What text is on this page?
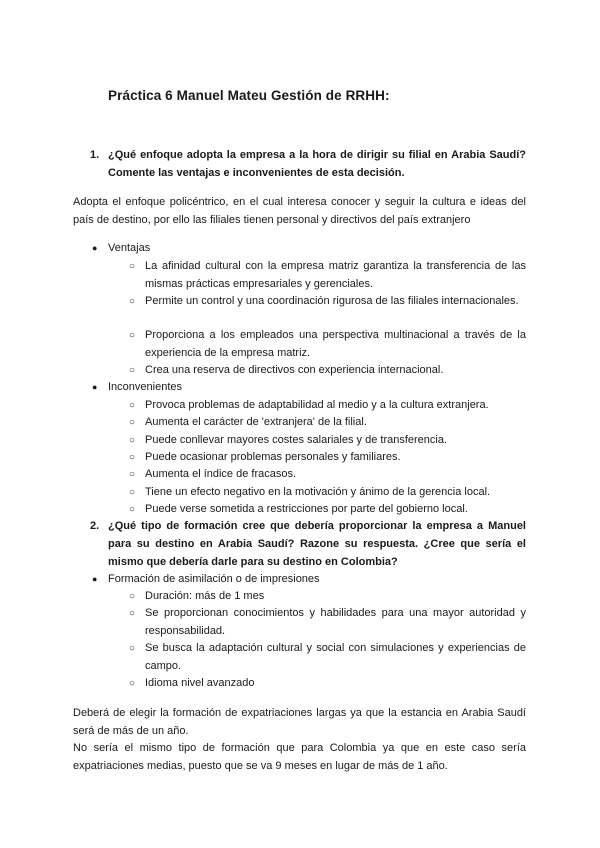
Práctica 6 Manuel Mateu Gestión de RRHH:
1. ¿Qué enfoque adopta la empresa a la hora de dirigir su filial en Arabia Saudí? Comente las ventajas e inconvenientes de esta decisión.
Adopta el enfoque policéntrico, en el cual interesa conocer y seguir la cultura e ideas del país de destino, por ello las filiales tienen personal y directivos del país extranjero
● Ventajas
○ La afinidad cultural con la empresa matriz garantiza la transferencia de las mismas prácticas empresariales y gerenciales.
○ Permite un control y una coordinación rigurosa de las filiales internacionales.
○ Proporciona a los empleados una perspectiva multinacional a través de la experiencia de la empresa matriz.
○ Crea una reserva de directivos con experiencia internacional.
● Inconvenientes
○ Provoca problemas de adaptabilidad al medio y a la cultura extranjera.
○ Aumenta el carácter de 'extranjera' de la filial.
○ Puede conllevar mayores costes salariales y de transferencia.
○ Puede ocasionar problemas personales y familiares.
○ Aumenta el índice de fracasos.
○ Tiene un efecto negativo en la motivación y ánimo de la gerencia local.
○ Puede verse sometida a restricciones por parte del gobierno local.
2. ¿Qué tipo de formación cree que debería proporcionar la empresa a Manuel para su destino en Arabia Saudí? Razone su respuesta. ¿Cree que sería el mismo que debería darle para su destino en Colombia?
● Formación de asimilación o de impresiones
○ Duración: más de 1 mes
○ Se proporcionan conocimientos y habilidades para una mayor autoridad y responsabilidad.
○ Se busca la adaptación cultural y social con simulaciones y experiencias de campo.
○ Idioma nivel avanzado
Deberá de elegir la formación de expatriaciones largas ya que la estancia en Arabia Saudí será de más de un año.
No sería el mismo tipo de formación que para Colombia ya que en este caso sería expatriaciones medias, puesto que se va 9 meses en lugar de más de 1 año.
